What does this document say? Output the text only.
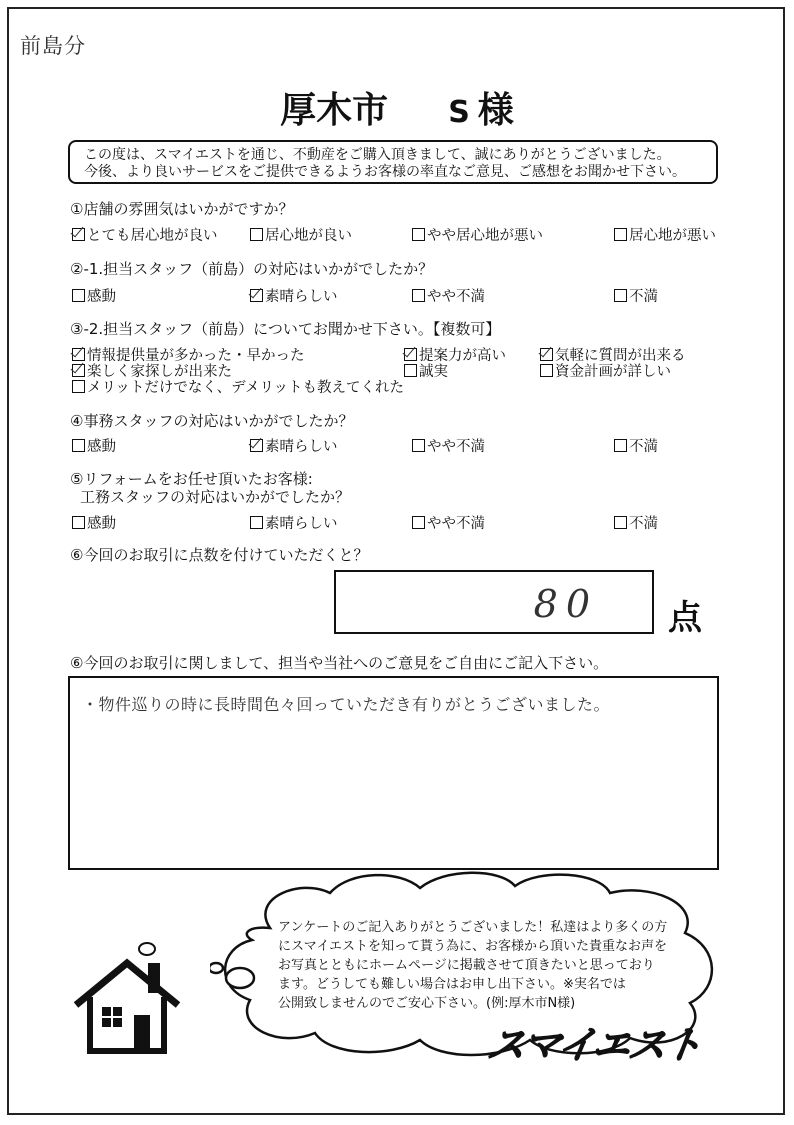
前島分
厚木市 S 様
この度は、スマイエストを通じ、不動産をご購入頂きまして、誠にありがとうございました。
今後、より良いサービスをご提供できるようお客様の率直なご意見、ご感想をお聞かせ下さい。
①店舗の雰囲気はいかがですか？
とても居心地が良い	居心地が良い	やや居心地が悪い	居心地が悪い
②-1.担当スタッフ（前島）の対応はいかがでしたか？
感動	素晴らしい	やや不満	不満
③-2.担当スタッフ（前島）についてお聞かせ下さい。【複数可】
情報提供量が多かった・早かった	提案力が高い	気軽に質問が出来る
楽しく家探しが出来た	誠実	資金計画が詳しい
メリットだけでなく、デメリットも教えてくれた
④事務スタッフの対応はいかがでしたか？
感動	素晴らしい	やや不満	不満
⑤リフォームをお任せ頂いたお客様:
工務スタッフの対応はいかがでしたか？
感動	素晴らしい	やや不満	不満
⑥今回のお取引に点数を付けていただくと？
80 点
⑥今回のお取引に関しまして、担当や当社へのご意見をご自由にご記入下さい。
・物件巡りの時に長時間色々回っていただき有りがとうございました。
アンケートのご記入ありがとうございました！私達はより多くの方
にスマイエストを知って貰う為に、お客様から頂いた貴重なお声を
お写真とともにホームページに掲載させて頂きたいと思っており
ます。どうしても難しい場合はお申し出下さい。※実名では
公開致しませんのでご安心下さい。(例:厚木市N様)
スマイエスト
